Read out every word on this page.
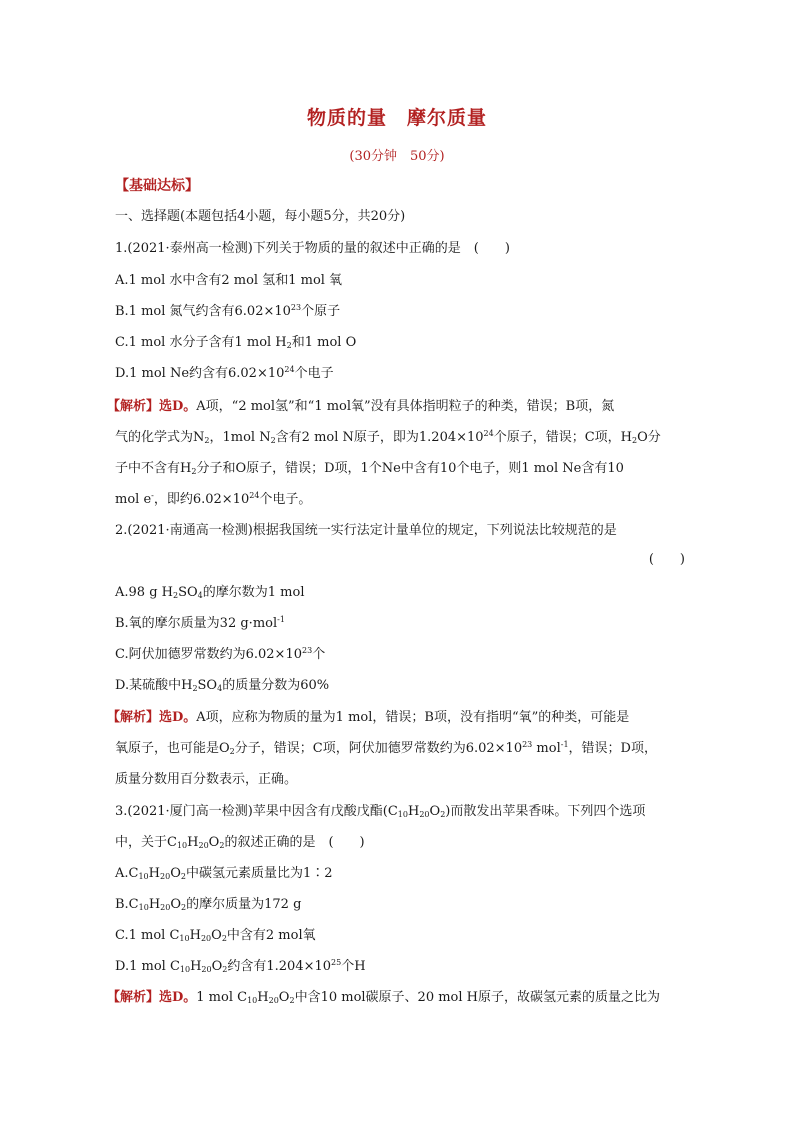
物质的量　摩尔质量
(30分钟　50分)
【基础达标】
一、选择题(本题包括4小题，每小题5分，共20分)
1.(2021·泰州高一检测)下列关于物质的量的叙述中正确的是　(　　)
A.1 mol 水中含有2 mol 氢和1 mol 氧
B.1 mol 氮气约含有$6.02\times 10^{23}$个原子
C.1 mol 水分子含有1 mol $H_2$和1 mol O
D.1 mol Ne约含有$6.02\times 10^{24}$个电子
【解析】选D。A项，“2 mol氢”和“1 mol氧”没有具体指明粒子的种类，错误；B项，氮
气的化学式为$N_2$，1mol $N_2$含有2 mol N原子，即为$1.204\times 10^{24}$个原子，错误；C项，$H_2O$分
子中不含有$H_2$分子和O原子，错误；D项，1个Ne中含有10个电子，则1 mol Ne含有10
mol e-，即约$6.02\times 10^{24}$个电子。
2.(2021·南通高一检测)根据我国统一实行法定计量单位的规定，下列说法比较规范的是
(　　)
A.98 g $H_2SO_4$的摩尔数为1 mol
B.氧的摩尔质量为32 g·mol$^{-1}$
C.阿伏加德罗常数约为$6.02\times 10^{23}$个
D.某硫酸中$H_2SO_4$的质量分数为60%
【解析】选D。A项，应称为物质的量为1 mol，错误；B项，没有指明“氧”的种类，可能是
氧原子，也可能是$O_2$分子，错误；C项，阿伏加德罗常数约为$6.02\times 10^{23}$ mol$^{-1}$，错误；D项，
质量分数用百分数表示，正确。
3.(2021·厦门高一检测)苹果中因含有戊酸戊酯$(C_{10}H_{20}O_2)$而散发出苹果香味。下列四个选项
中，关于$C_{10}H_{20}O_2$的叙述正确的是　(　　)
$A.C_{10}H_{20}O_2$中碳氢元素质量比为1∶2
$B.C_{10}H_{20}O_2$的摩尔质量为172 g
C.1 mol $C_{10}H_{20}O_2$中含有2 mol氧
D.1 mol $C_{10}H_{20}O_2$约含有$1.204\times 10^{25}$个H
【解析】选D。1 mol $C_{10}H_{20}O_2$中含10 mol碳原子、20 mol H原子，故碳氢元素的质量之比为
